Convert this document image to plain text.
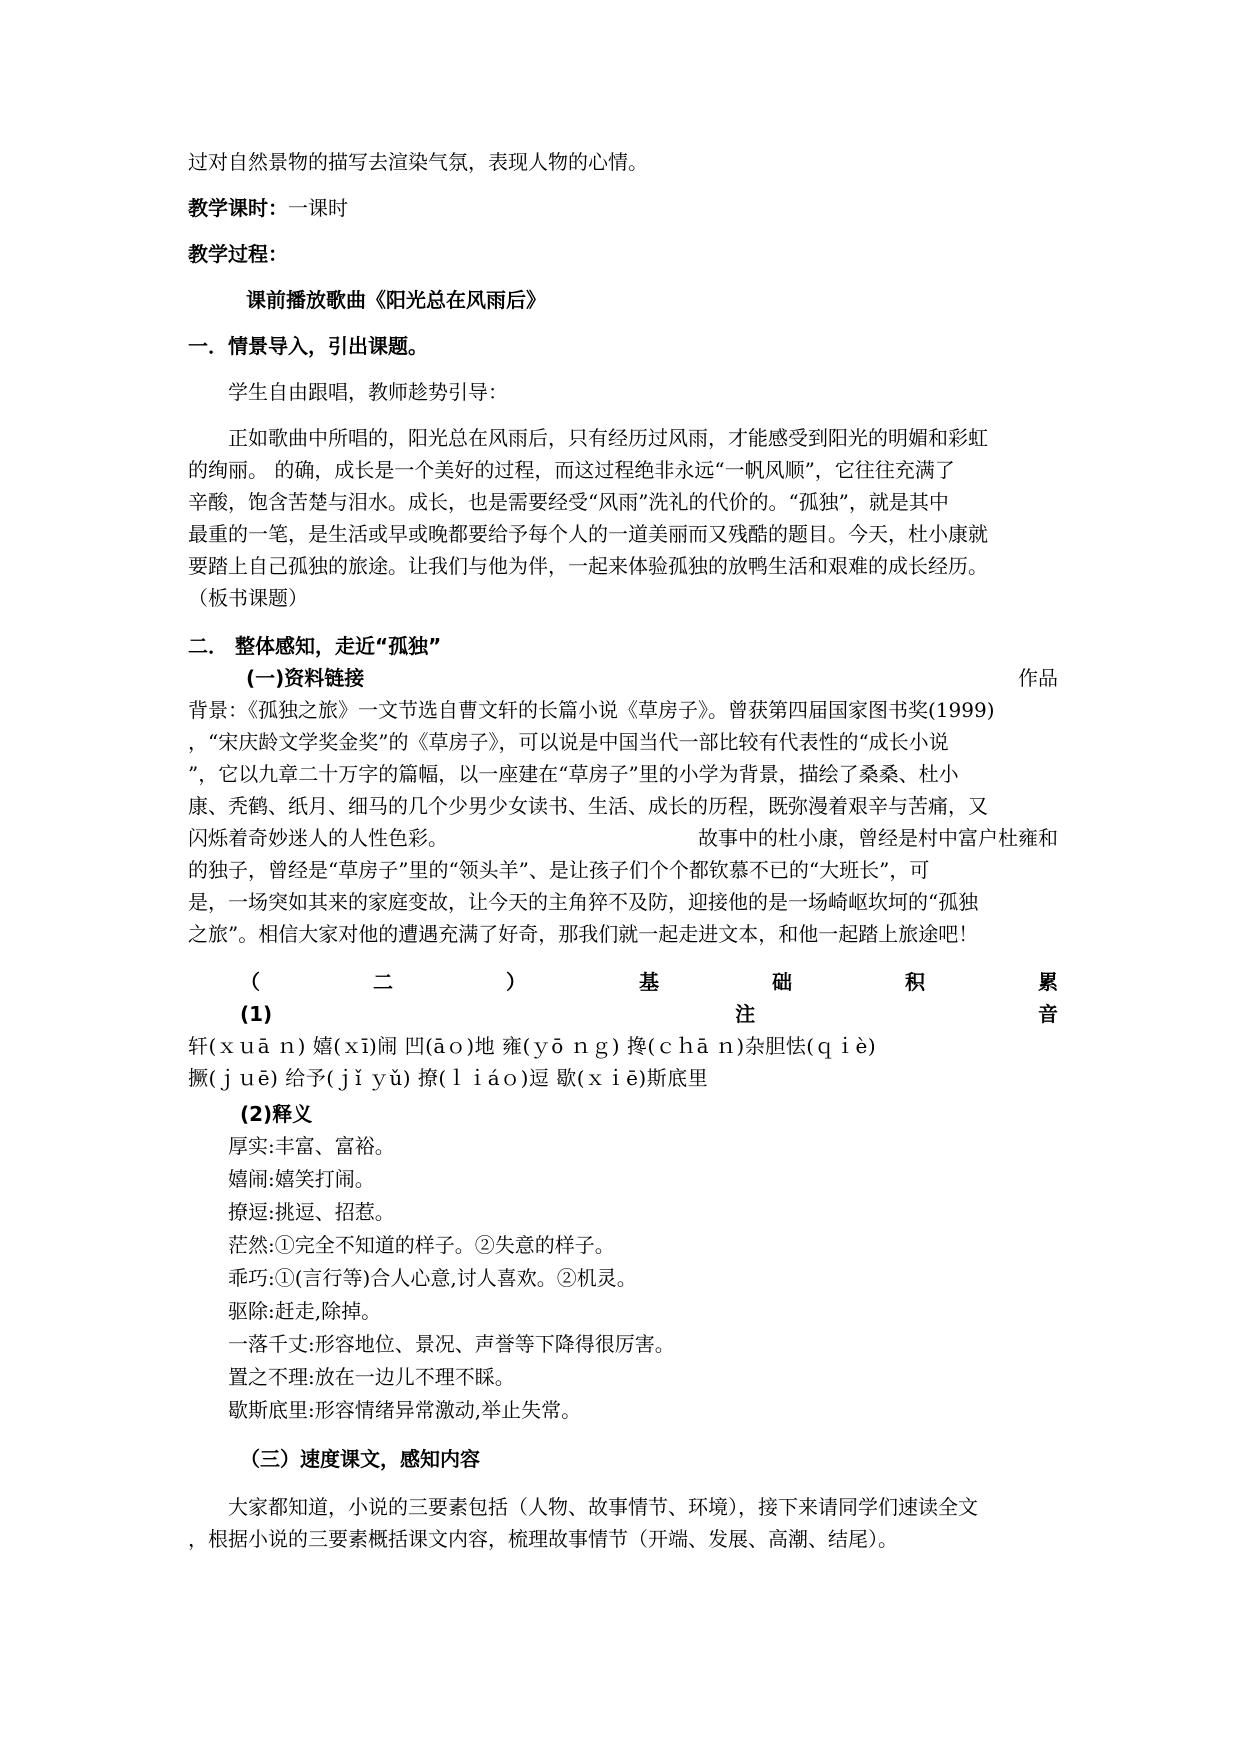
过对自然景物的描写去渲染气氛，表现人物的心情。
教学课时：一课时
教学过程：
课前播放歌曲《阳光总在风雨后》
一．情景导入，引出课题。
学生自由跟唱，教师趁势引导：
正如歌曲中所唱的，阳光总在风雨后，只有经历过风雨，才能感受到阳光的明媚和彩虹
的绚丽。 的确，成长是一个美好的过程，而这过程绝非永远“一帆风顺”，它往往充满了
辛酸，饱含苦楚与泪水。成长，也是需要经受“风雨”洗礼的代价的。“孤独”，就是其中
最重的一笔，是生活或早或晚都要给予每个人的一道美丽而又残酷的题目。今天，杜小康就
要踏上自己孤独的旅途。让我们与他为伴，一起来体验孤独的放鸭生活和艰难的成长经历。
（板书课题）
二． 整体感知，走近“孤独”
(一)资料链接	作品
背景：《孤独之旅》一文节选自曹文轩的长篇小说《草房子》。曾获第四届国家图书奖(1999)
，“宋庆龄文学奖金奖”的《草房子》，可以说是中国当代一部比较有代表性的“成长小说
”，它以九章二十万字的篇幅，以一座建在“草房子”里的小学为背景，描绘了桑桑、杜小
康、秃鹤、纸月、细马的几个少男少女读书、生活、成长的历程，既弥漫着艰辛与苦痛，又
闪烁着奇妙迷人的人性色彩。	故事中的杜小康，曾经是村中富户杜雍和
的独子，曾经是“草房子”里的“领头羊”、是让孩子们个个都钦慕不已的“大班长”，可
是，一场突如其来的家庭变故，让今天的主角猝不及防，迎接他的是一场崎岖坎坷的“孤独
之旅”。相信大家对他的遭遇充满了好奇，那我们就一起走进文本，和他一起踏上旅途吧！
（	二	）	基	础	积	累
(1)	注	音
轩(ｘｕā ｎ) 嬉(ｘī)闹 凹(āｏ)地 雍(ｙō ｎｇ) 搀(ｃｈā ｎ)杂胆怯(ｑｉè)
撅(ｊｕē) 给予(ｊǐ ｙǔ) 撩(ｌｉáｏ)逗 歇(ｘｉē)斯底里
(2)释义
厚实:丰富、富裕。
嬉闹:嬉笑打闹。
撩逗:挑逗、招惹。
茫然:①完全不知道的样子。②失意的样子。
乖巧:①(言行等)合人心意,讨人喜欢。②机灵。
驱除:赶走,除掉。
一落千丈:形容地位、景况、声誉等下降得很厉害。
置之不理:放在一边儿不理不睬。
歇斯底里:形容情绪异常激动,举止失常。
（三）速度课文，感知内容
大家都知道，小说的三要素包括（人物、故事情节、环境），接下来请同学们速读全文
，根据小说的三要素概括课文内容，梳理故事情节（开端、发展、高潮、结尾）。
